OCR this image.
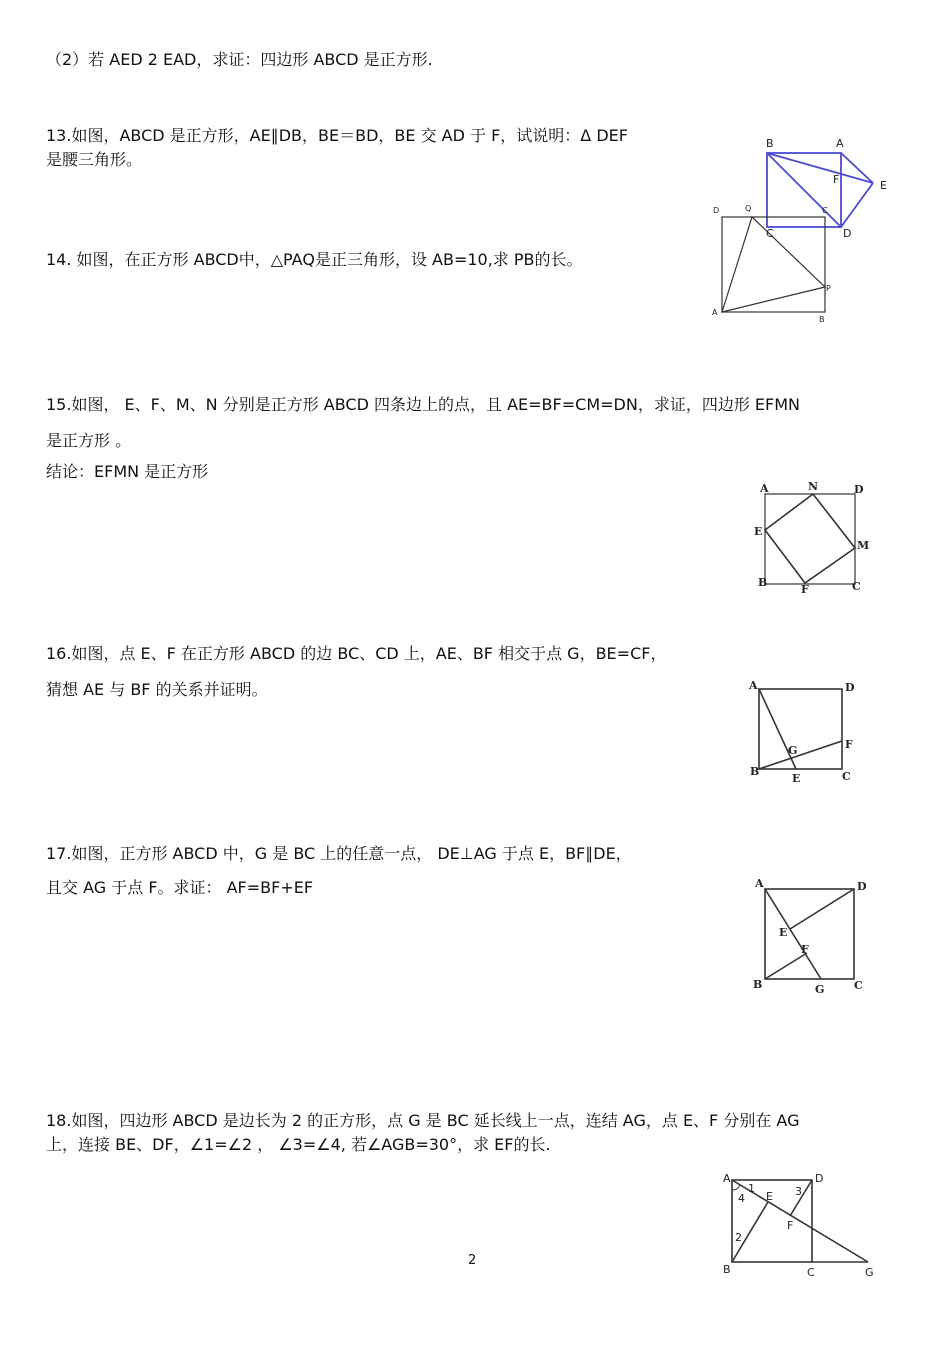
（2）若 AED 2 EAD，求证：四边形 ABCD 是正方形.
13.如图，ABCD 是正方形，AE∥DB，BE＝BD，BE 交 AD 于 F，试说明：Δ DEF
是腰三角形。
14. 如图，在正方形 ABCD中，△PAQ是正三角形，设 AB=10,求 PB的长。
15.如图， E、F、M、N 分别是正方形 ABCD 四条边上的点，且 AE=BF=CM=DN，求证，四边形 EFMN
是正方形 。
结论：EFMN 是正方形
16.如图，点 E、F 在正方形 ABCD 的边 BC、CD 上，AE、BF 相交于点 G，BE=CF，
猜想 AE 与 BF 的关系并证明。
17.如图，正方形 ABCD 中，G 是 BC 上的任意一点， DE⊥AG 于点 E，BF∥DE，
且交 AG 于点 F。求证： AF=BF+EF
18.如图，四边形 ABCD 是边长为 2 的正方形，点 G 是 BC 延长线上一点，连结 AG，点 E、F 分别在 AG
上，连接 BE、DF，∠1=∠2 ， ∠3=∠4, 若∠AGB=30°，求 EF的长.
B	A
F	E
C	D
D	Q	C
P
A
B
A	N	D
E
M
B
F	C
A	D
G	F
B
E	C
A	D
E
F
B	G	C
A	D
1
4 E 3
F
2
B	C	G
2
